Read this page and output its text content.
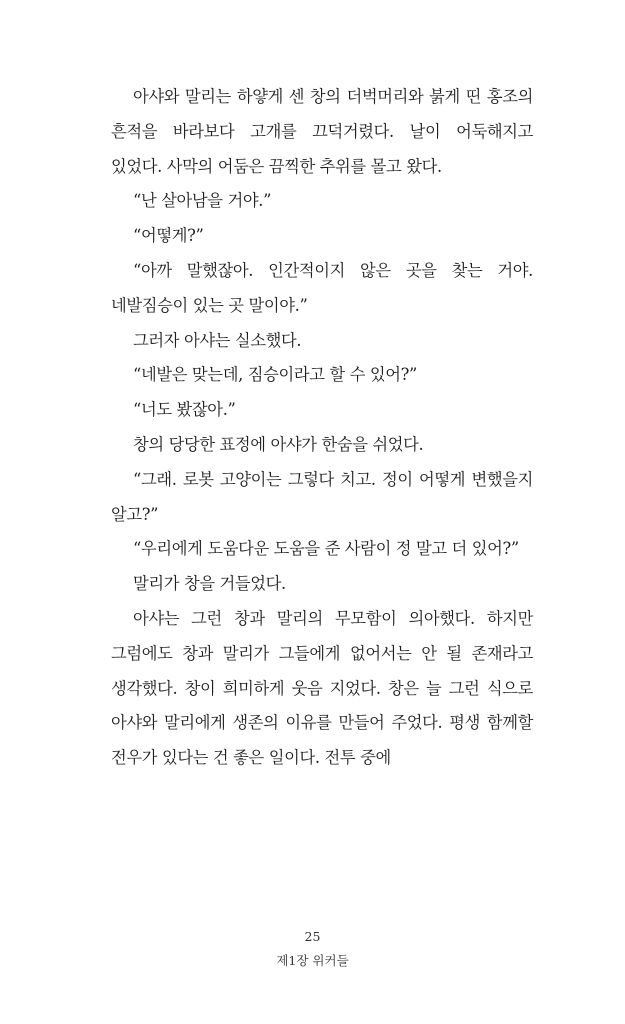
아샤와 말리는 하얗게 센 창의 더벅머리와 붉게 띤 홍조의 흔적을 바라보다 고개를 끄덕거렸다. 날이 어둑해지고 있었다. 사막의 어둠은 끔찍한 추위를 몰고 왔다.

“난 살아남을 거야.”

“어떻게?”

“아까 말했잖아. 인간적이지 않은 곳을 찾는 거야. 네발짐승이 있는 곳 말이야.”

그러자 아샤는 실소했다.

“네발은 맞는데, 짐승이라고 할 수 있어?”

“너도 봤잖아.”

창의 당당한 표정에 아샤가 한숨을 쉬었다.

“그래. 로봇 고양이는 그렇다 치고. 정이 어떻게 변했을지 알고?”

“우리에게 도움다운 도움을 준 사람이 정 말고 더 있어?”

말리가 창을 거들었다.

아샤는 그런 창과 말리의 무모함이 의아했다. 하지만 그럼에도 창과 말리가 그들에게 없어서는 안 될 존재라고 생각했다. 창이 희미하게 웃음 지었다. 창은 늘 그런 식으로 아샤와 말리에게 생존의 이유를 만들어 주었다. 평생 함께할 전우가 있다는 건 좋은 일이다. 전투 중에

25
제1장 위커들
